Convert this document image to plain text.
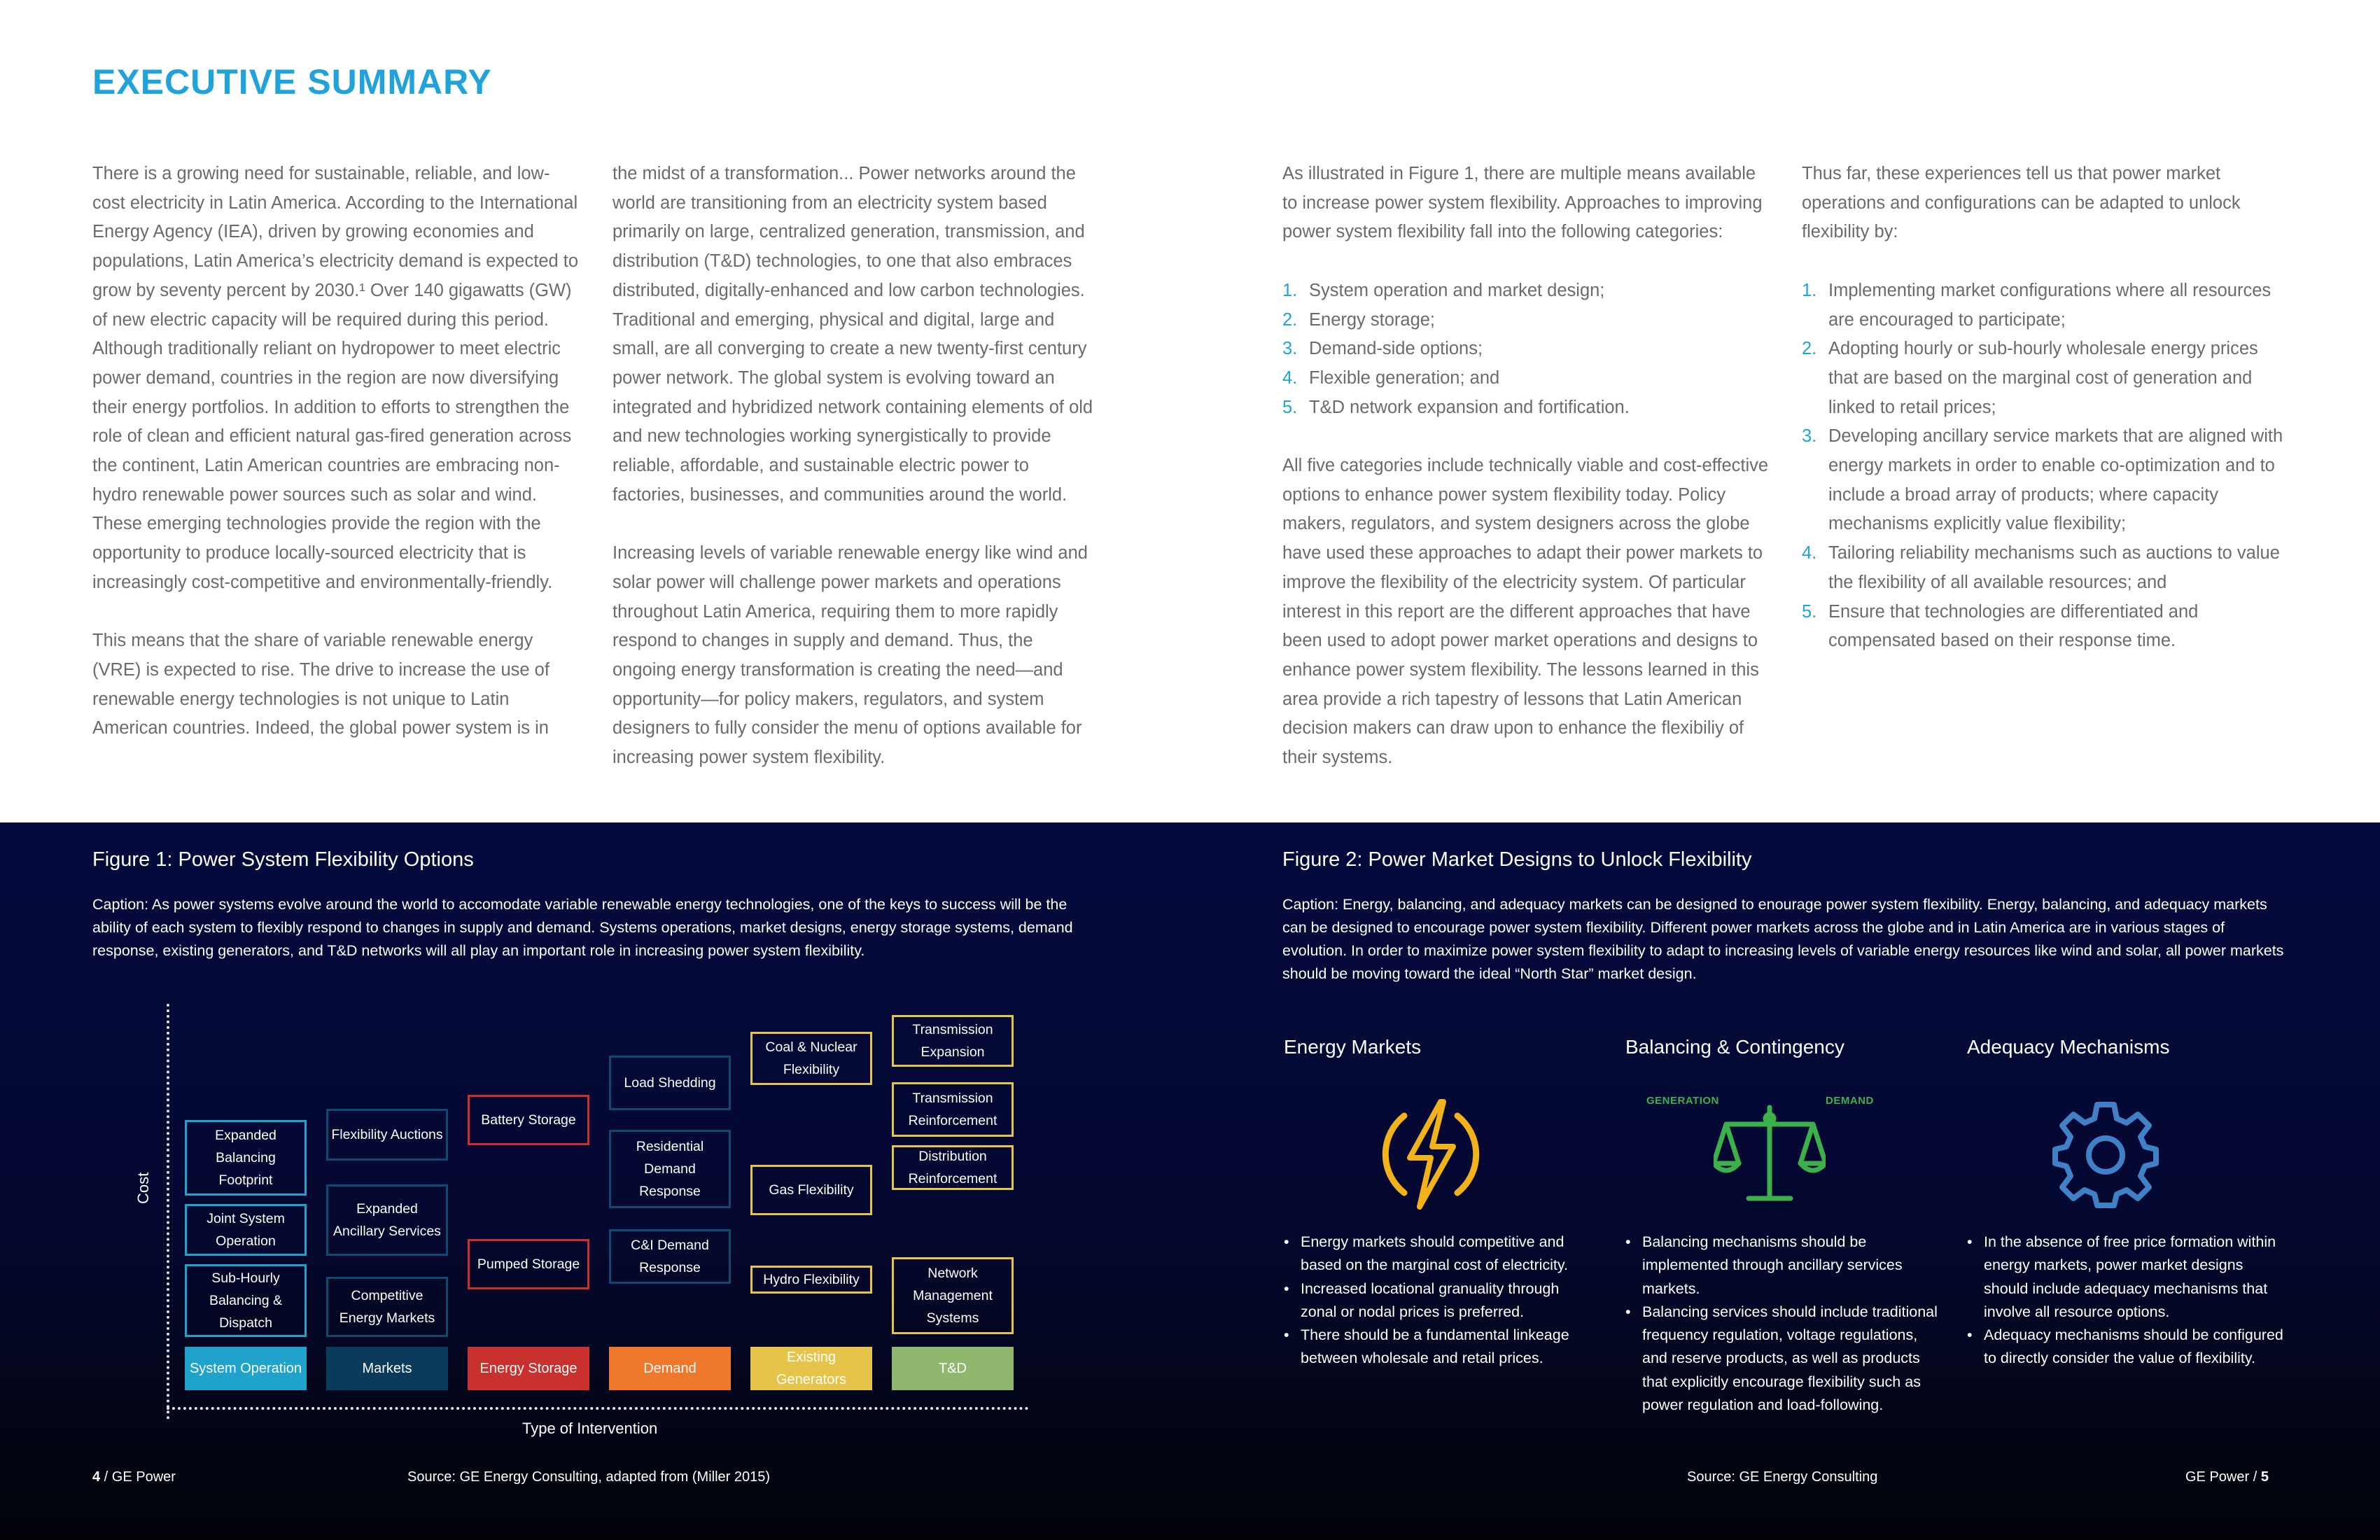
EXECUTIVE SUMMARY

There is a growing need for sustainable, reliable, and low-cost electricity in Latin America. According to the International Energy Agency (IEA), driven by growing economies and populations, Latin America’s electricity demand is expected to grow by seventy percent by 2030.¹ Over 140 gigawatts (GW) of new electric capacity will be required during this period. Although traditionally reliant on hydropower to meet electric power demand, countries in the region are now diversifying their energy portfolios. In addition to efforts to strengthen the role of clean and efficient natural gas-fired generation across the continent, Latin American countries are embracing non-hydro renewable power sources such as solar and wind. These emerging technologies provide the region with the opportunity to produce locally-sourced electricity that is increasingly cost-competitive and environmentally-friendly.

This means that the share of variable renewable energy (VRE) is expected to rise. The drive to increase the use of renewable energy technologies is not unique to Latin American countries. Indeed, the global power system is in

the midst of a transformation... Power networks around the world are transitioning from an electricity system based primarily on large, centralized generation, transmission, and distribution (T&D) technologies, to one that also embraces distributed, digitally-enhanced and low carbon technologies. Traditional and emerging, physical and digital, large and small, are all converging to create a new twenty-first century power network. The global system is evolving toward an integrated and hybridized network containing elements of old and new technologies working synergistically to provide reliable, affordable, and sustainable electric power to factories, businesses, and communities around the world.

Increasing levels of variable renewable energy like wind and solar power will challenge power markets and operations throughout Latin America, requiring them to more rapidly respond to changes in supply and demand. Thus, the ongoing energy transformation is creating the need—and opportunity—for policy makers, regulators, and system designers to fully consider the menu of options available for increasing power system flexibility.

As illustrated in Figure 1, there are multiple means available to increase power system flexibility. Approaches to improving power system flexibility fall into the following categories:

1. System operation and market design;
2. Energy storage;
3. Demand-side options;
4. Flexible generation; and
5. T&D network expansion and fortification.

All five categories include technically viable and cost-effective options to enhance power system flexibility today. Policy makers, regulators, and system designers across the globe have used these approaches to adapt their power markets to improve the flexibility of the electricity system. Of particular interest in this report are the different approaches that have been used to adopt power market operations and designs to enhance power system flexibility. The lessons learned in this area provide a rich tapestry of lessons that Latin American decision makers can draw upon to enhance the flexibiliy of their systems.

Thus far, these experiences tell us that power market operations and configurations can be adapted to unlock flexibility by:

1. Implementing market configurations where all resources are encouraged to participate;
2. Adopting hourly or sub-hourly wholesale energy prices that are based on the marginal cost of generation and linked to retail prices;
3. Developing ancillary service markets that are aligned with energy markets in order to enable co-optimization and to include a broad array of products; where capacity mechanisms explicitly value flexibility;
4. Tailoring reliability mechanisms such as auctions to value the flexibility of all available resources; and
5. Ensure that technologies are differentiated and compensated based on their response time.
Figure 1: Power System Flexibility Options
Caption: As power systems evolve around the world to accomodate variable renewable energy technologies, one of the keys to success will be the ability of each system to flexibly respond to changes in supply and demand. Systems operations, market designs, energy storage systems, demand response, existing generators, and T&D networks will all play an important role in increasing power system flexibility.
Figure 2: Power Market Designs to Unlock Flexibility
Caption: Energy, balancing, and adequacy markets can be designed to enourage power system flexibility. Energy, balancing, and adequacy markets can be designed to encourage power system flexibility. Different power markets across the globe and in Latin America are in various stages of evolution. In order to maximize power system flexibility to adapt to increasing levels of variable energy resources like wind and solar, all power markets should be moving toward the ideal “North Star” market design.
Cost
Type of Intervention
System Operation	Markets	Energy Storage	Demand
Existing Generators
T&D
Expanded Balancing Footprint
Joint System Operation
Sub-Hourly Balancing & Dispatch
Flexibility Auctions
Expanded Ancillary Services
Competitive Energy Markets
Battery Storage
Pumped Storage
Load Shedding
Residential Demand Response
C&I Demand Response
Coal & Nuclear Flexibility
Gas Flexibility
Hydro Flexibility
Transmission Expansion
Transmission Reinforcement
Distribution Reinforcement
Network Management Systems
Energy Markets	Balancing & Contingency	Adequacy Mechanisms
GENERATION	DEMAND
• Energy markets should competitive and based on the marginal cost of electricity.
• Increased locational granuality through zonal or nodal prices is preferred.
• There should be a fundamental linkeage between wholesale and retail prices.
• Balancing mechanisms should be implemented through ancillary services markets.
• Balancing services should include traditional frequency regulation, voltage regulations, and reserve products, as well as products that explicitly encourage flexibility such as power regulation and load-following.
• In the absence of free price formation within energy markets, power market designs should include adequacy mechanisms that involve all resource options.
• Adequacy mechanisms should be configured to directly consider the value of flexibility.
4 / GE Power	Source: GE Energy Consulting, adapted from (Miller 2015)	Source: GE Energy Consulting	GE Power / 5
